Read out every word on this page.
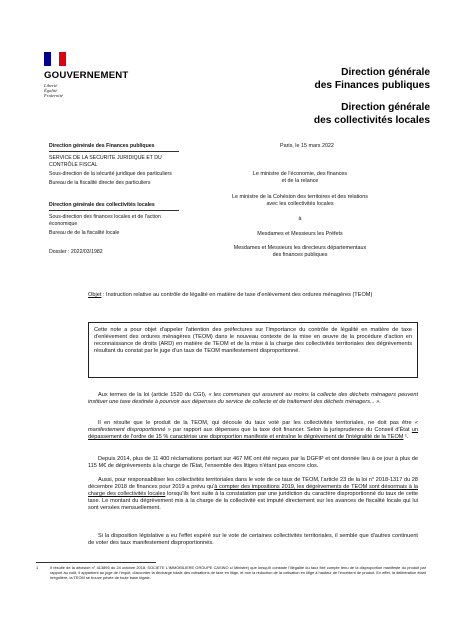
GOUVERNEMENT
Liberté
Égalité
Fraternité
Direction générale
des Finances publiques
Direction générale
des collectivités locales
Direction générale des Finances publiques

SERVICE DE LA SECURITE JURIDIQUE ET DU CONTRÔLE FISCAL

Sous-direction de la sécurité juridique des particuliers

Bureau de la fiscalité directe des particuliers

Direction générale des collectivités locales

Sous-direction des finances locales et de l'action économique

Bureau de de la fiscalité locale

Dossier : 2022/03/1982
Paris, le 15 mars 2022
Le ministre de l'économie, des finances
et de la relance
Le ministre de la Cohésion des territoires et des relations
avec les collectivités locales
à
Mesdames et Messieurs les Préfets
Mesdames et Messieurs les directeurs départementaux
des finances publiques
Objet : Instruction relative au contrôle de légalité en matière de taxe d'enlèvement des ordures ménagères (TEOM)
Cette note a pour objet d'appeler l'attention des préfectures sur l'importance du contrôle de légalité en matière de taxe d'enlèvement des ordures ménagères (TEOM) dans le nouveau contexte de la mise en œuvre de la procédure d'action en reconnaissance de droits (ARD) en matière de TEOM et de la mise à la charge des collectivités territoriales des dégrèvements résultant du constat par le juge d'un taux de TEOM manifestement disproportionné.
Aux termes de la loi (article 1520 du CGI), « les communes qui assurent au moins la collecte des déchets ménagers peuvent instituer une taxe destinée à pourvoir aux dépenses du service de collecte et de traitement des déchets ménagers... ».
Il en résulte que le produit de la TEOM, qui découle du taux voté par les collectivités territoriales, ne doit pas être « manifestement disproportionné » par rapport aux dépenses que la taxe doit financer. Selon la jurisprudence du Conseil d'État un dépassement de l'ordre de 15 % caractérise une disproportion manifeste et entraîne le dégrèvement de l'intégralité de la TEOM ¹.
Depuis 2014, plus de 11 400 réclamations portant sur 467 M€ ont été reçues par la DGFIP et ont donnée lieu à ce jour à plus de 115 M€ de dégrèvements à la charge de l'État, l'ensemble des litiges n'étant pas encore clos.
Aussi, pour responsabiliser les collectivités territoriales dans le vote de ce taux de TEOM, l'article 23 de la loi n° 2018-1317 du 28 décembre 2018 de finances pour 2019 a prévu qu'à compter des impositions 2019, les dégrèvements de TEOM sont désormais à la charge des collectivités locales lorsqu'ils font suite à la constatation par une juridiction du caractère disproportionné du taux de cette taxe. Le montant du dégrèvement mis à la charge de la collectivité est imputé directement sur les avances de fiscalité locale qui lui sont versées mensuellement.
Si la disposition législative a eu l'effet espéré sur le vote de certaines collectivités territoriales, il semble que d'autres continuent de voter des taux manifestement disproportionnés.
1	Il résulte de la décision n° 413895 du 24 octobre 2018, SOCIETE L'IMMOBILIERE GROUPE CASINO c/ Ministre) que lorsqu'il constate l'illégalité du taux fixé compte tenu de la disproportion manifeste du produit par rapport au coût, il appartient au juge de l'impôt, d'accorder la décharge totale des cotisations de taxe en litige, et non la réduction de la cotisation en litige à hauteur de l'excédent de produit. En effet, la délibération étant irrégulière, la TEOM se trouve privée de toute base légale.
